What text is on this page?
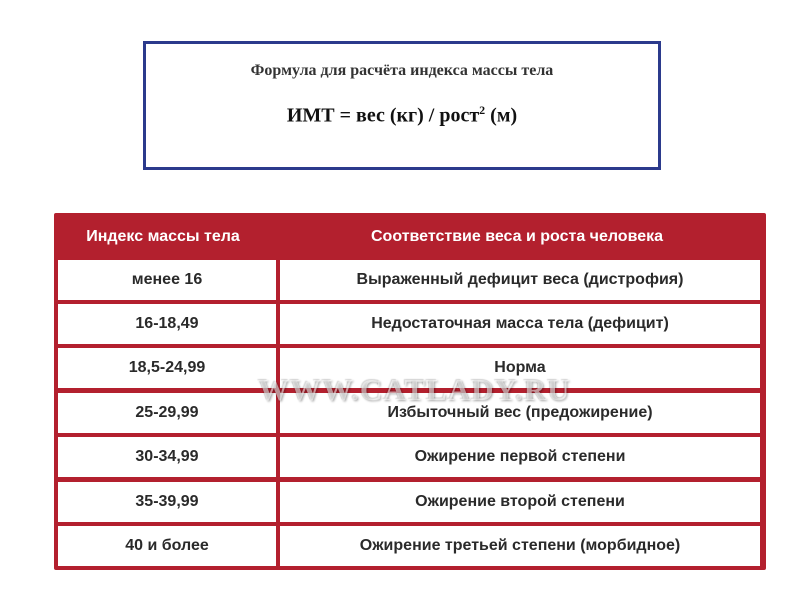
Формула для расчёта индекса массы тела
ИМТ = вес (кг) / рост$^2$ (м)
Индекс массы тела	Соответствие веса и роста человека
менее 16	Выраженный дефицит веса (дистрофия)
16-18,49	Недостаточная масса тела (дефицит)
18,5-24,99	Норма
25-29,99	Избыточный вес (предожирение)
30-34,99	Ожирение первой степени
35-39,99	Ожирение второй степени
40 и более	Ожирение третьей степени (морбидное)
WWW.CATLADY.RU
